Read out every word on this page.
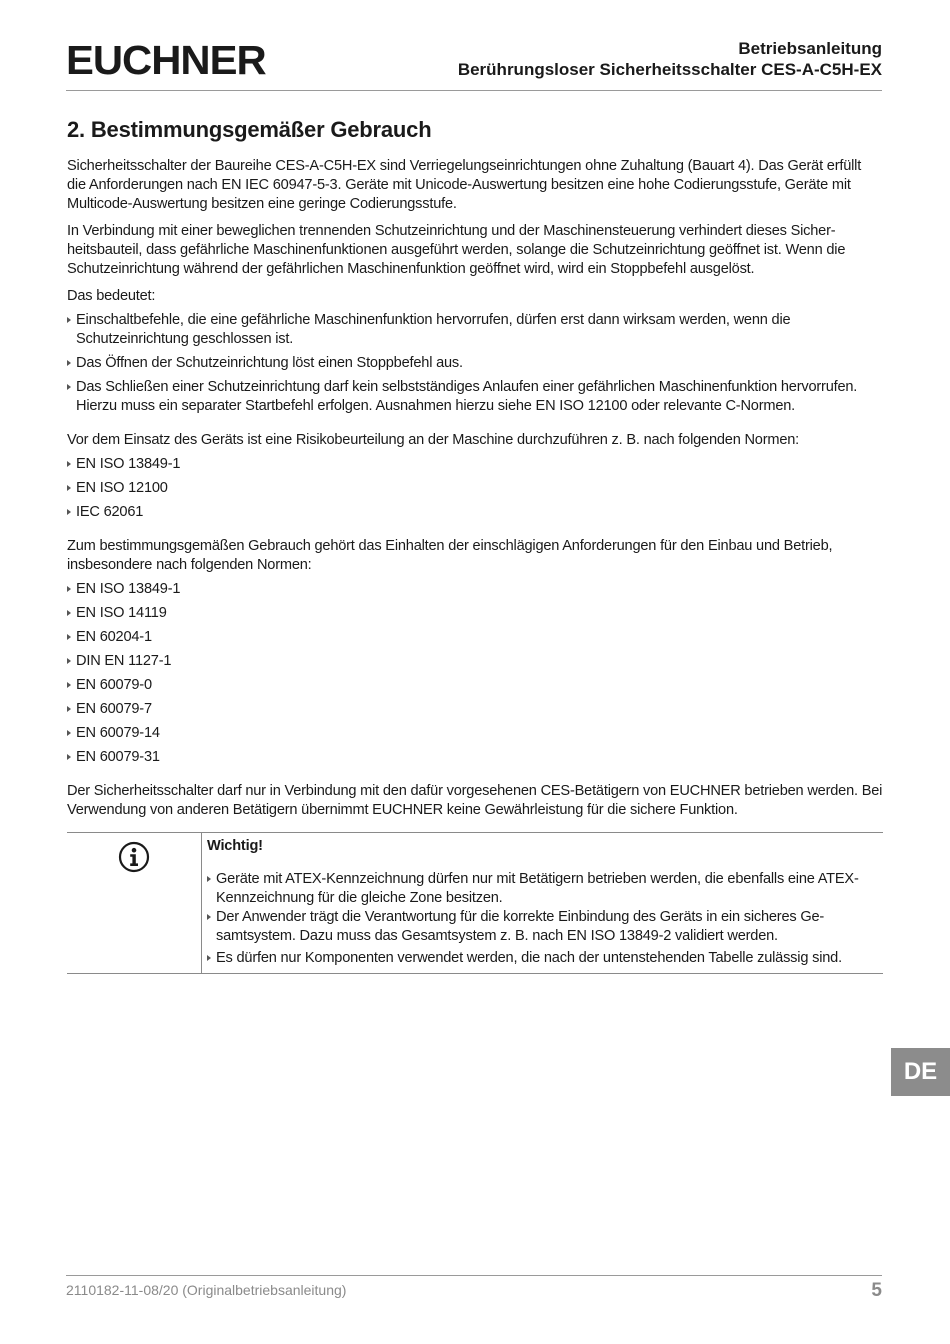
EUCHNER	Betriebsanleitung
Berührungsloser Sicherheitsschalter CES-A-C5H-EX
2. Bestimmungsgemäßer Gebrauch

Sicherheitsschalter der Baureihe CES-A-C5H-EX sind Verriegelungseinrichtungen ohne Zuhaltung (Bauart 4). Das Gerät erfüllt die Anforderungen nach EN IEC 60947-5-3. Geräte mit Unicode-Auswertung besitzen eine hohe Codierungsstufe, Geräte mit Multicode-Auswertung besitzen eine geringe Codierungsstufe.

In Verbindung mit einer beweglichen trennenden Schutzeinrichtung und der Maschinensteuerung verhindert dieses Sicherheitsbauteil, dass gefährliche Maschinenfunktionen ausgeführt werden, solange die Schutzeinrichtung geöffnet ist. Wenn die Schutzeinrichtung während der gefährlichen Maschinenfunktion geöffnet wird, wird ein Stoppbefehl ausgelöst.

Das bedeutet:

Einschaltbefehle, die eine gefährliche Maschinenfunktion hervorrufen, dürfen erst dann wirksam werden, wenn die Schutzeinrichtung geschlossen ist.
Das Öffnen der Schutzeinrichtung löst einen Stoppbefehl aus.
Das Schließen einer Schutzeinrichtung darf kein selbstständiges Anlaufen einer gefährlichen Maschinenfunktion hervorrufen. Hierzu muss ein separater Startbefehl erfolgen. Ausnahmen hierzu siehe EN ISO 12100 oder relevante C-Normen.

Vor dem Einsatz des Geräts ist eine Risikobeurteilung an der Maschine durchzuführen z. B. nach folgenden Normen:

EN ISO 13849-1
EN ISO 12100
IEC 62061

Zum bestimmungsgemäßen Gebrauch gehört das Einhalten der einschlägigen Anforderungen für den Einbau und Betrieb, insbesondere nach folgenden Normen:

EN ISO 13849-1
EN ISO 14119
EN 60204-1
DIN EN 1127-1
EN 60079-0
EN 60079-7
EN 60079-14
EN 60079-31

Der Sicherheitsschalter darf nur in Verbindung mit den dafür vorgesehenen CES-Betätigern von EUCHNER betrieben werden. Bei Verwendung von anderen Betätigern übernimmt EUCHNER keine Gewährleistung für die sichere Funktion.

Wichtig!
Geräte mit ATEX-Kennzeichnung dürfen nur mit Betätigern betrieben werden, die ebenfalls eine ATEX-Kennzeichnung für die gleiche Zone besitzen.
Der Anwender trägt die Verantwortung für die korrekte Einbindung des Geräts in ein sicheres Gesamtsystem. Dazu muss das Gesamtsystem z. B. nach EN ISO 13849-2 validiert werden.
Es dürfen nur Komponenten verwendet werden, die nach der untenstehenden Tabelle zulässig sind.
DE
2110182-11-08/20 (Originalbetriebsanleitung)	5
